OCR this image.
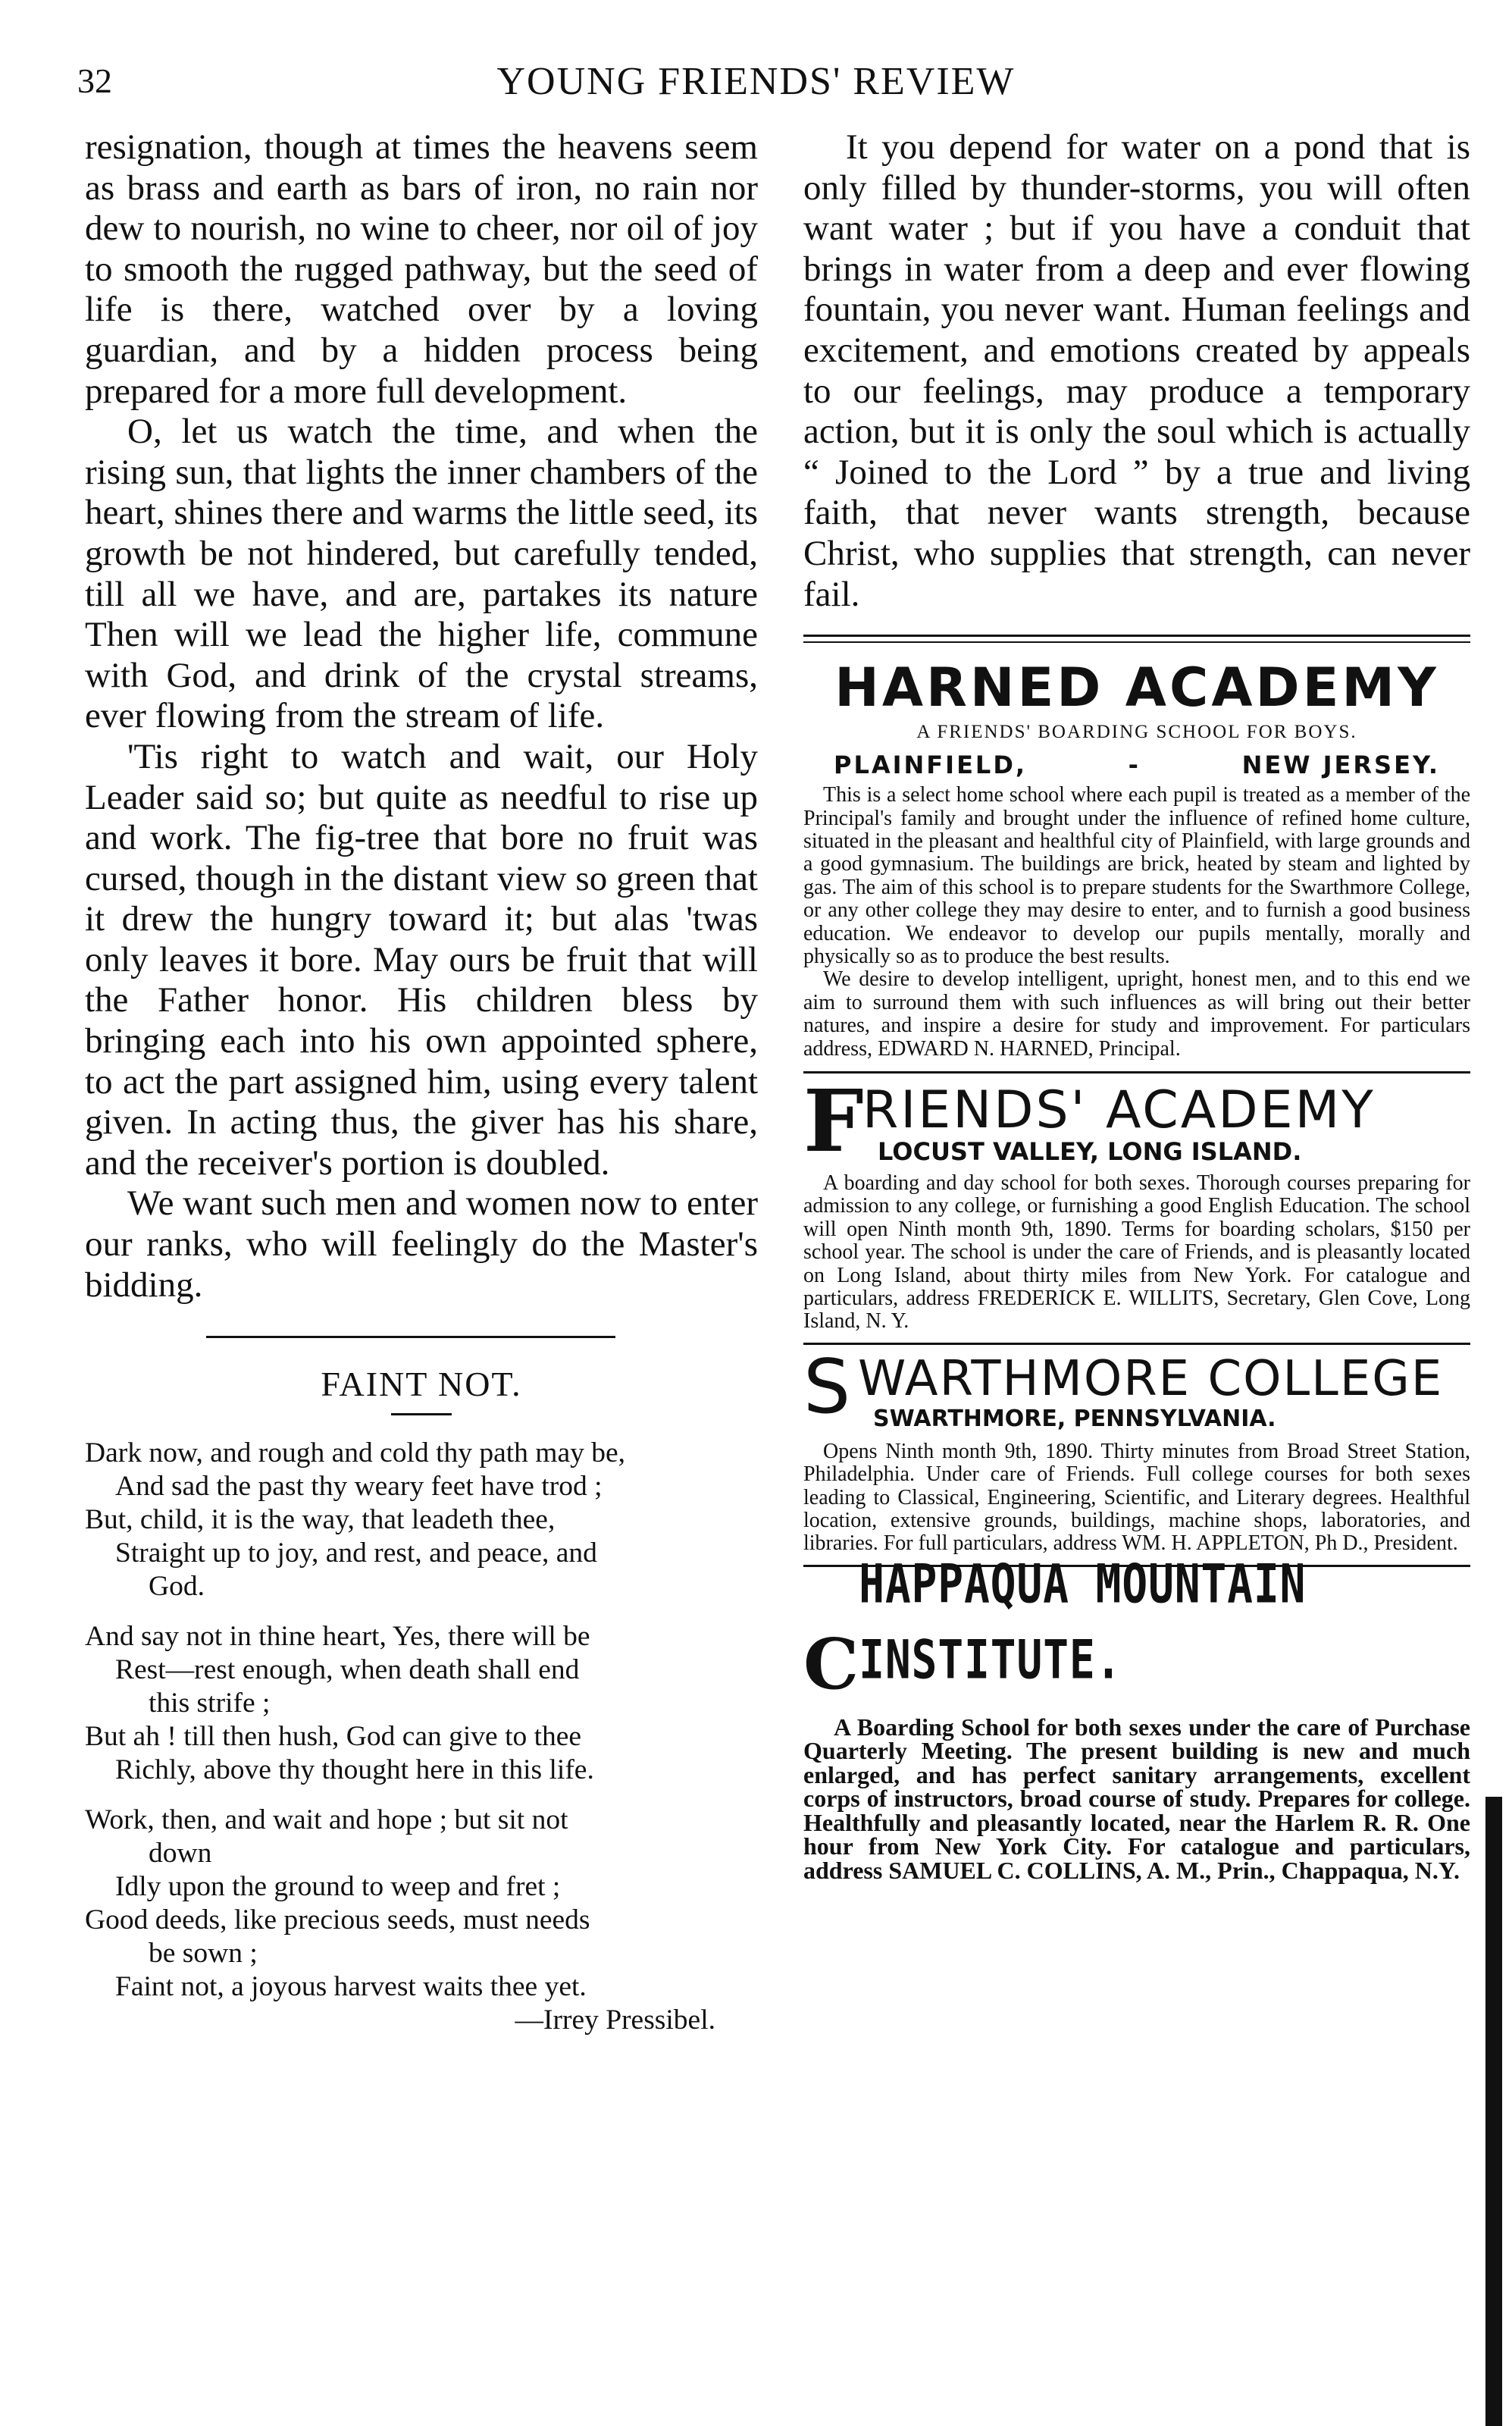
32	YOUNG FRIENDS' REVIEW

resignation, though at times the heavens seem as brass and earth as bars of iron, no rain nor dew to nourish, no wine to cheer, nor oil of joy to smooth the rugged pathway, but the seed of life is there, watched over by a loving guardian, and by a hidden process being prepared for a more full development.

O, let us watch the time, and when the rising sun, that lights the inner chambers of the heart, shines there and warms the little seed, its growth be not hindered, but carefully tended, till all we have, and are, partakes its nature Then will we lead the higher life, commune with God, and drink of the crystal streams, ever flowing from the stream of life.

'Tis right to watch and wait, our Holy Leader said so; but quite as needful to rise up and work. The fig-tree that bore no fruit was cursed, though in the distant view so green that it drew the hungry toward it; but alas 'twas only leaves it bore. May ours be fruit that will the Father honor. His children bless by bringing each into his own appointed sphere, to act the part assigned him, using every talent given. In acting thus, the giver has his share, and the receiver's portion is doubled.

We want such men and women now to enter our ranks, who will feelingly do the Master's bidding.

FAINT NOT.

Dark now, and rough and cold thy path may be,

And sad the past thy weary feet have trod ;

But, child, it is the way, that leadeth thee,

Straight up to joy, and rest, and peace, and

God.

And say not in thine heart, Yes, there will be

Rest—rest enough, when death shall end

this strife ;

But ah ! till then hush, God can give to thee

Richly, above thy thought here in this life.

Work, then, and wait and hope ; but sit not

down

Idly upon the ground to weep and fret ;

Good deeds, like precious seeds, must needs

be sown ;

Faint not, a joyous harvest waits thee yet.

—Irrey Pressibel.

It you depend for water on a pond that is only filled by thunder-storms, you will often want water ; but if you have a conduit that brings in water from a deep and ever flowing fountain, you never want. Human feelings and excitement, and emotions created by appeals to our feelings, may produce a temporary action, but it is only the soul which is actually “ Joined to the Lord ” by a true and living faith, that never wants strength, because Christ, who supplies that strength, can never fail.

HARNED ACADEMY
A FRIENDS' BOARDING SCHOOL FOR BOYS.
PLAINFIELD,	-	NEW JERSEY.

This is a select home school where each pupil is treated as a member of the Principal's family and brought under the influence of refined home culture, situated in the pleasant and healthful city of Plainfield, with large grounds and a good gymnasium. The buildings are brick, heated by steam and lighted by gas. The aim of this school is to prepare students for the Swarthmore College, or any other college they may desire to enter, and to furnish a good business education. We endeavor to develop our pupils mentally, morally and physically so as to produce the best results.

We desire to develop intelligent, upright, honest men, and to this end we aim to surround them with such influences as will bring out their better natures, and inspire a desire for study and improvement. For particulars address, EDWARD N. HARNED, Principal.

F
RIENDS' ACADEMY
LOCUST VALLEY, LONG ISLAND.

A boarding and day school for both sexes. Thorough courses preparing for admission to any college, or furnishing a good English Education. The school will open Ninth month 9th, 1890. Terms for boarding scholars, $150 per school year. The school is under the care of Friends, and is pleasantly located on Long Island, about thirty miles from New York. For catalogue and particulars, address FREDERICK E. WILLITS, Secretary, Glen Cove, Long Island, N. Y.

S WARTHMORE COLLEGE
SWARTHMORE, PENNSYLVANIA.

Opens Ninth month 9th, 1890. Thirty minutes from Broad Street Station, Philadelphia. Under care of Friends. Full college courses for both sexes leading to Classical, Engineering, Scientific, and Literary degrees. Healthful location, extensive grounds, buildings, machine shops, laboratories, and libraries. For full particulars, address WM. H. APPLETON, Ph D., President.

C
HAPPAQUA MOUNTAIN INSTITUTE.

A Boarding School for both sexes under the care of Purchase Quarterly Meeting. The present building is new and much enlarged, and has perfect sanitary arrangements, excellent corps of instructors, broad course of study. Prepares for college. Healthfully and pleasantly located, near the Harlem R. R. One hour from New York City. For catalogue and particulars, address SAMUEL C. COLLINS, A. M., Prin., Chappaqua, N.Y.
